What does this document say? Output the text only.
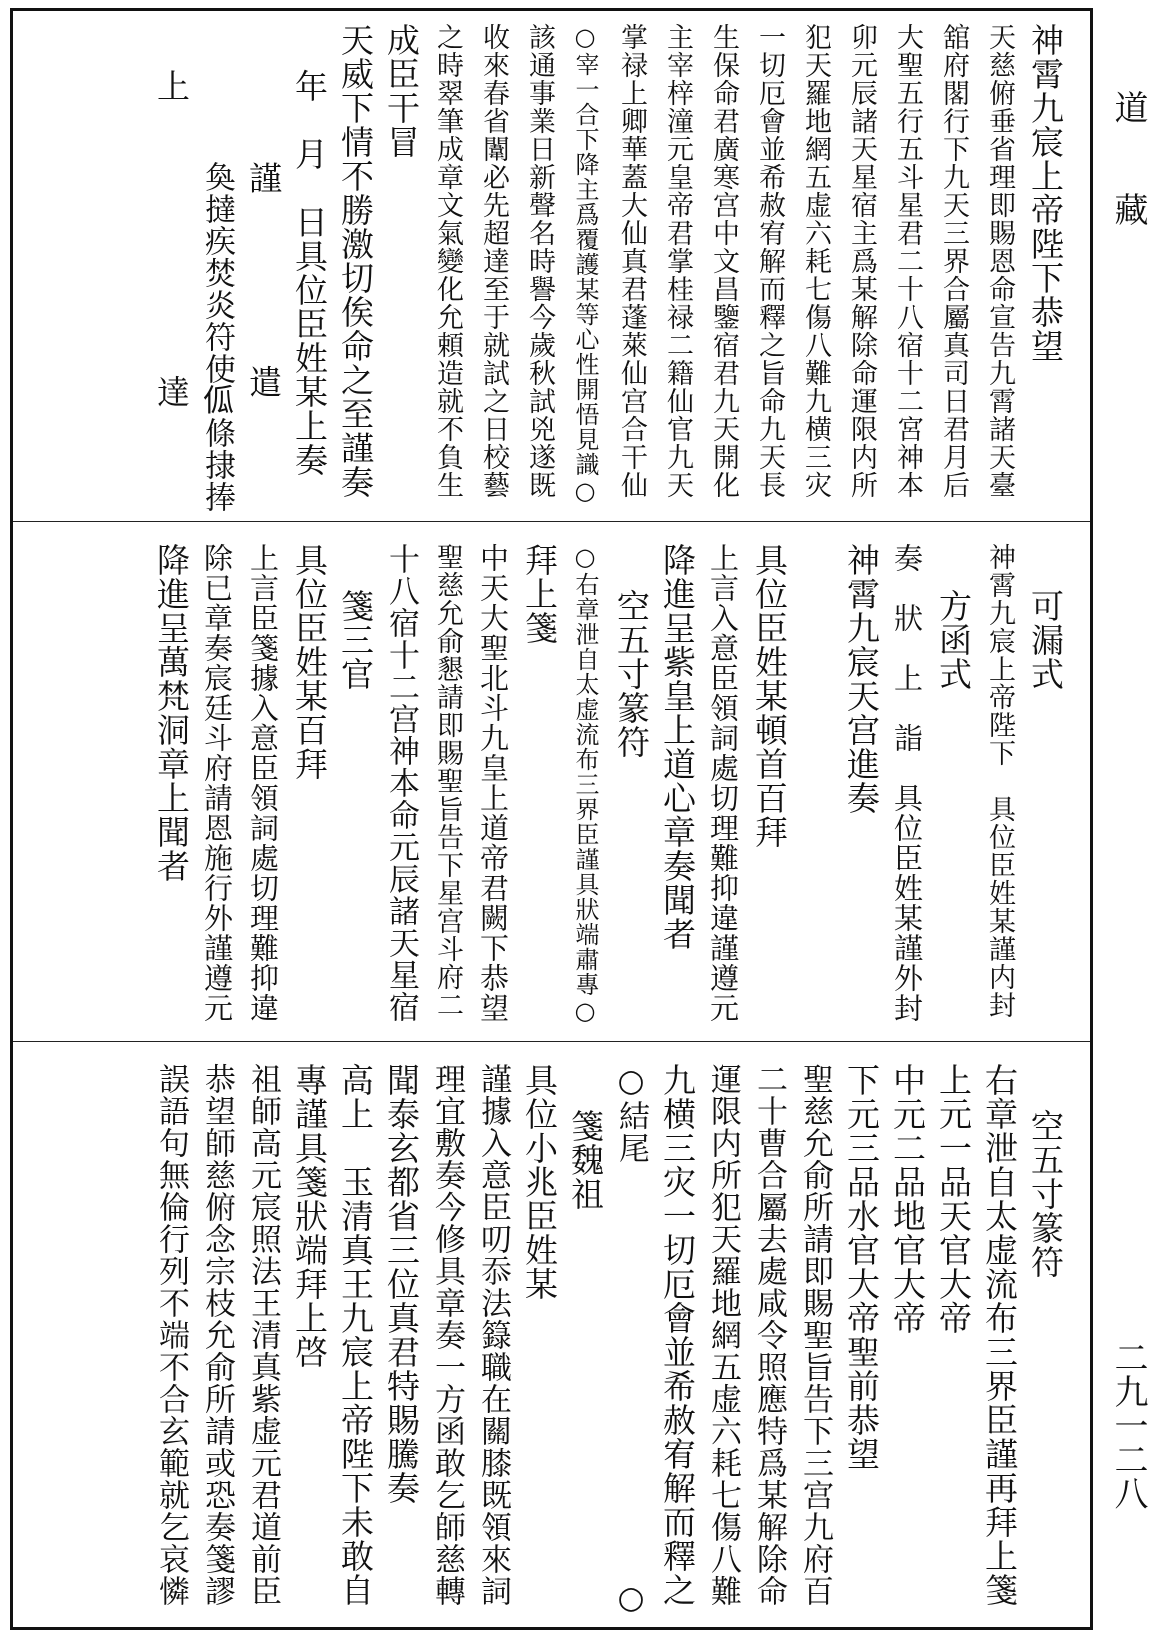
神霄九宸上帝陛下恭望
天慈俯垂省理即賜恩命宣告九霄諸天臺
舘府閣行下九天三界合屬真司日君月后
大聖五行五斗星君二十八宿十二宮神本
卯元辰諸天星宿主爲某解除命運限内所
犯天羅地網五虚六耗七傷八難九横三灾
一切厄會並希赦宥解而釋之旨命九天長
生保命君廣寒宫中文昌鑒宿君九天開化
主宰梓潼元皇帝君掌桂禄二籍仙官九天
掌禄上卿華蓋大仙真君蓬萊仙宫合干仙
○宰一合下降主爲覆護某等心性開悟見識○
該通事業日新聲名時譽今歲秋試兇遂既
收來春省闈必先超達至于就試之日校藝
之時翠筆成章文氣變化允頼造就不負生
成臣干冒
天威下情不勝激切俟命之至謹奏
年　月　日具位臣姓某上奏
謹　　　　　遣
奐撻疾焚炎符使𠇗條捸捧
上　　　　　　　　達
可漏式
神霄九宸上帝陛下　具位臣姓某謹内封
方函式
奏　狀　上　詣　具位臣姓某謹外封
神霄九宸天宫進奏
具位臣姓某頓首百拜
上言入意臣領詞處切理難抑違謹遵元
降進呈紫皇上道心章奏聞者
空五寸篆符
○右章泄自太虚流布三界臣謹具狀端肅專○
拜上箋
中天大聖北斗九皇上道帝君闕下恭望
聖慈允俞懇請即賜聖旨告下星宫斗府二
十八宿十二宫神本命元辰諸天星宿
箋三官
具位臣姓某百拜
上言臣箋據入意臣領詞處切理難抑違
除已章奏宸廷斗府請恩施行外謹遵元
降進呈萬梵洞章上聞者
空五寸篆符
右章泄自太虚流布三界臣謹再拜上箋
上元一品天官大帝
中元二品地官大帝
下元三品水官大帝聖前恭望
聖慈允俞所請即賜聖旨告下三宫九府百
二十曹合屬去處咸令照應特爲某解除命
運限内所犯天羅地網五虚六耗七傷八難
九横三灾一切厄會並希赦宥解而釋之
○結尾　　　　　　　　　　　　　○
箋魏祖
具位小兆臣姓某
謹據入意臣叨忝法籙職在關膝既領來詞
理宜敷奏今修具章奏一方函敢乞師慈轉
聞泰玄都省三位真君特賜騰奏
高上　玉清真王九宸上帝陛下未敢自
專謹具箋狀端拜上啓
祖師高元宸照法王清真紫虚元君道前臣
恭望師慈俯念宗枝允俞所請或恐奏箋謬
誤語句無倫行列不端不合玄範就乞哀憐
道　　藏
二九一二八
